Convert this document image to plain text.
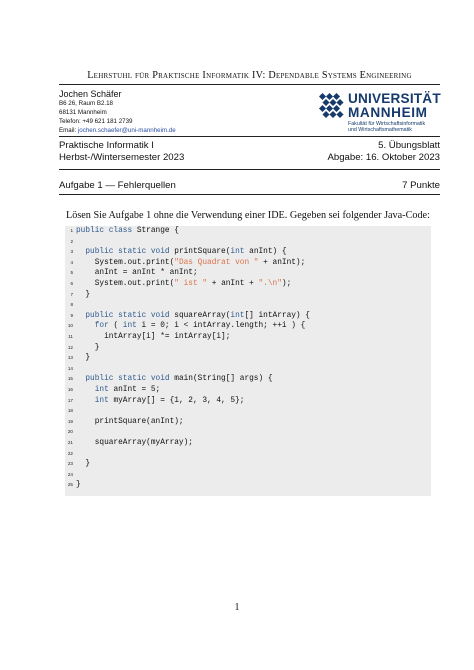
Lehrstuhl für Praktische Informatik IV: Dependable Systems Engineering
Jochen Schäfer
B6 26, Raum B2.18
68131 Mannheim
Telefon: +49 621 181 2739
Email: jochen.schaefer@uni-mannheim.de
UNIVERSITÄT
MANNHEIM
Fakultät für Wirtschaftsinformatik
und Wirtschaftsmathematik
Praktische Informatik I
Herbst-/Wintersemester 2023
5. Übungsblatt
Abgabe: 16. Oktober 2023
Aufgabe 1 — Fehlerquellen	7 Punkte
Lösen Sie Aufgabe 1 ohne die Verwendung einer IDE. Gegeben sei folgender Java-Code:
1 public class Strange {
2
3 public static void printSquare(int anInt) {
4 System.out.print("Das Quadrat von " + anInt);
5 anInt = anInt * anInt;
6 System.out.print(" ist " + anInt + ".\n");
7 }
8
9 public static void squareArray(int[] intArray) {
10 for ( int i = 0; i < intArray.length; ++i ) {
11 intArray[i] *= intArray[i];
12 }
13 }
14
15 public static void main(String[] args) {
16 int anInt = 5;
17 int myArray[] = {1, 2, 3, 4, 5};
18
19 printSquare(anInt);
20
21 squareArray(myArray);
22
23 }
24
25 }
1
